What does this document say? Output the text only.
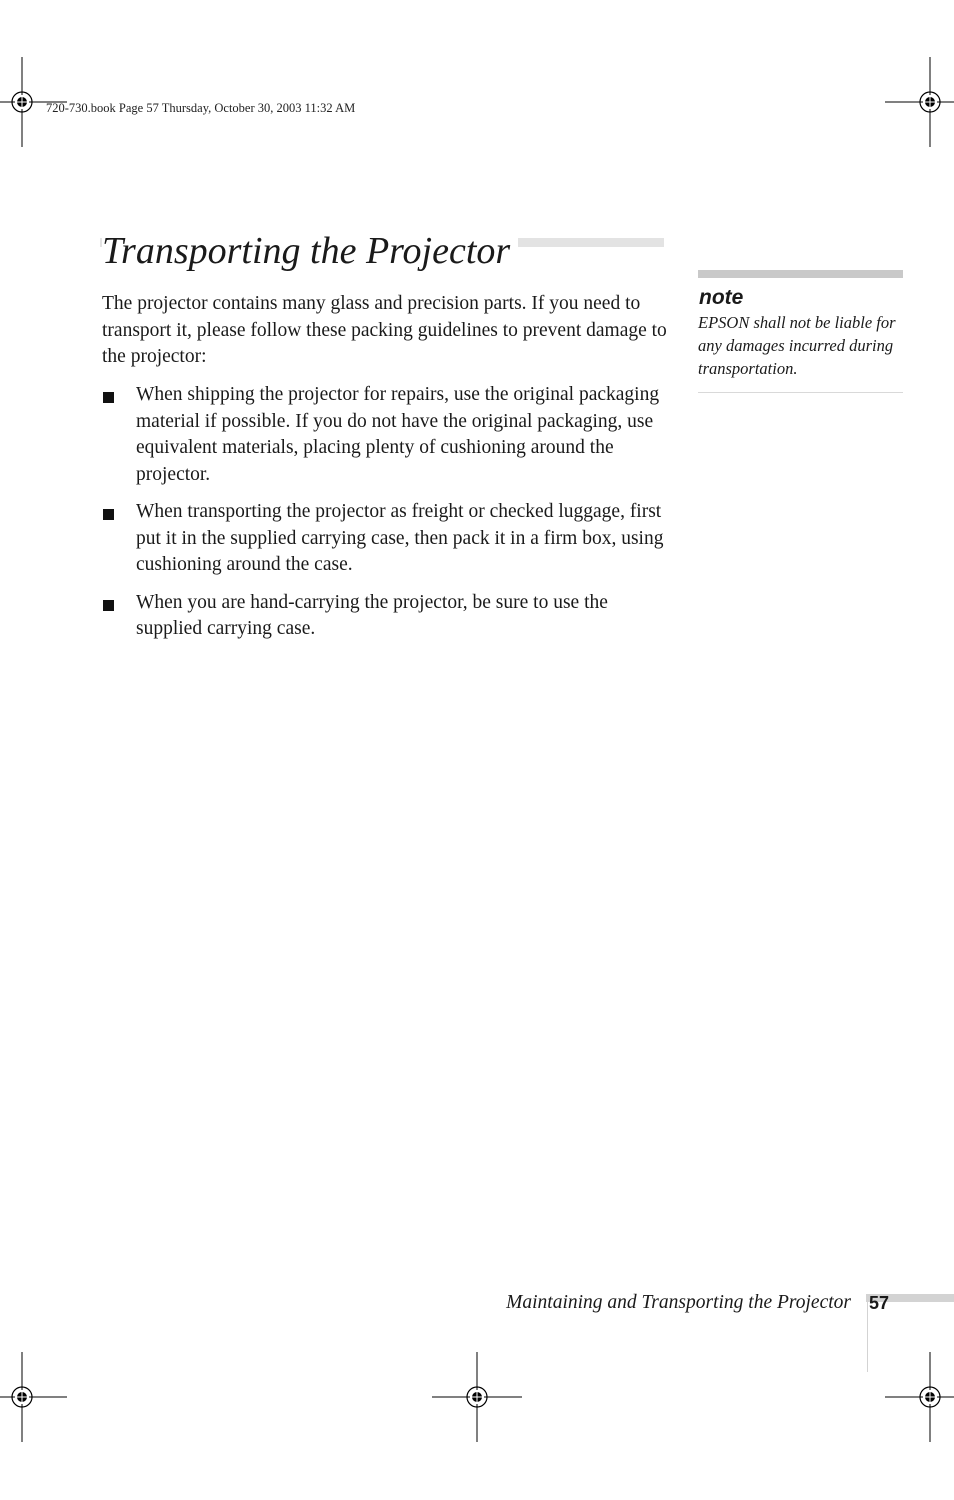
720-730.book Page 57 Thursday, October 30, 2003 11:32 AM
Transporting the Projector

The projector contains many glass and precision parts. If you need to transport it, please follow these packing guidelines to prevent damage to the projector:

When shipping the projector for repairs, use the original packaging material if possible. If you do not have the original packaging, use equivalent materials, placing plenty of cushioning around the projector.
When transporting the projector as freight or checked luggage, first put it in the supplied carrying case, then pack it in a firm box, using cushioning around the case.
When you are hand-carrying the projector, be sure to use the supplied carrying case.
note

EPSON shall not be liable for any damages incurred during transportation.

Maintaining and Transporting the Projector 57
